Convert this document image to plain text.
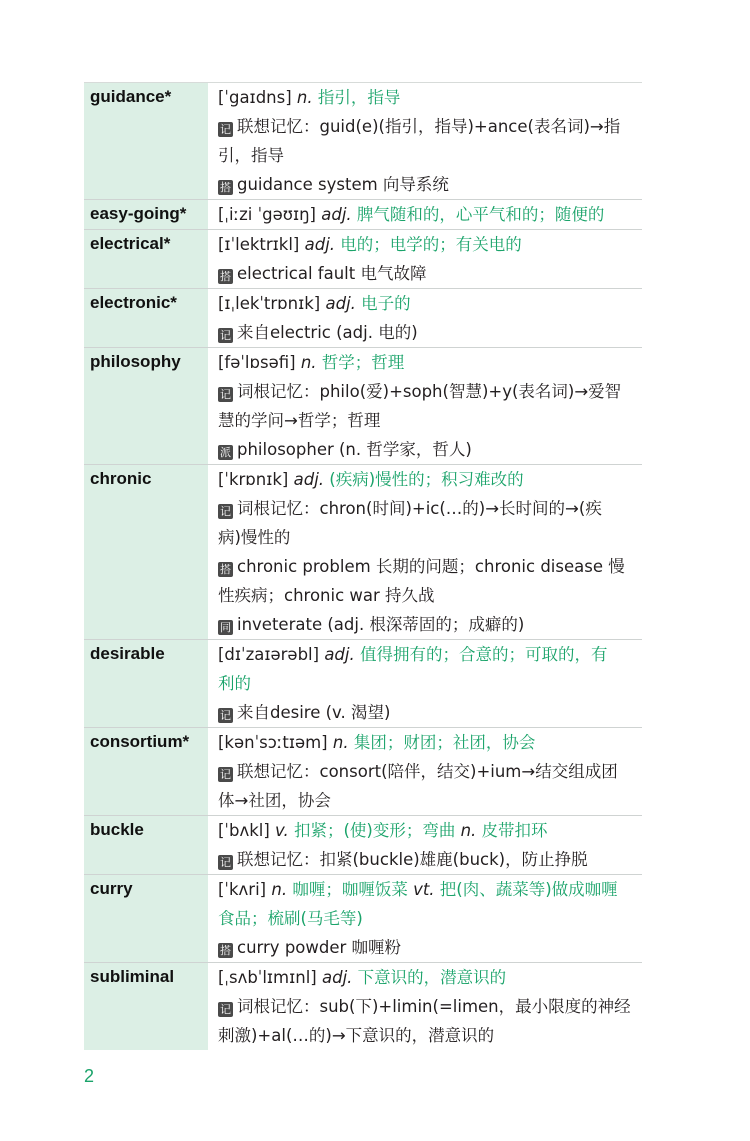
guidance*	[ˈgaɪdns] n. 指引，指导
记 联想记忆：guid(e)(指引，指导)+ance(表名词)→指
引，指导
搭 guidance system 向导系统
easy-going*	[ˌiːzi ˈgəʊɪŋ] adj. 脾气随和的，心平气和的；随便的
electrical*	[ɪˈlektrɪkl] adj. 电的；电学的；有关电的
搭 electrical fault 电气故障
electronic*	[ɪˌlekˈtrɒnɪk] adj. 电子的
记 来自electric (adj. 电的)
philosophy	[fəˈlɒsəfi] n. 哲学；哲理
记 词根记忆：philo(爱)+soph(智慧)+y(表名词)→爱智
慧的学问→哲学；哲理
派 philosopher (n. 哲学家，哲人)
chronic	[ˈkrɒnɪk] adj. (疾病)慢性的；积习难改的
记 词根记忆：chron(时间)+ic(…的)→长时间的→(疾
病)慢性的
搭 chronic problem 长期的问题；chronic disease 慢
性疾病；chronic war 持久战
同 inveterate (adj. 根深蒂固的；成癖的)
desirable	[dɪˈzaɪərəbl] adj. 值得拥有的；合意的；可取的，有
利的
记 来自desire (v. 渴望)
consortium*	[kənˈsɔːtɪəm] n. 集团；财团；社团，协会
记 联想记忆：consort(陪伴，结交)+ium→结交组成团
体→社团，协会
buckle	[ˈbʌkl] v. 扣紧；(使)变形；弯曲 n. 皮带扣环
记 联想记忆：扣紧(buckle)雄鹿(buck)，防止挣脱
curry	[ˈkʌri] n. 咖喱；咖喱饭菜 vt. 把(肉、蔬菜等)做成咖喱
食品；梳刷(马毛等)
搭 curry powder 咖喱粉
subliminal	[ˌsʌbˈlɪmɪnl] adj. 下意识的，潜意识的
记 词根记忆：sub(下)+limin(=limen，最小限度的神经
刺激)+al(…的)→下意识的，潜意识的
2
